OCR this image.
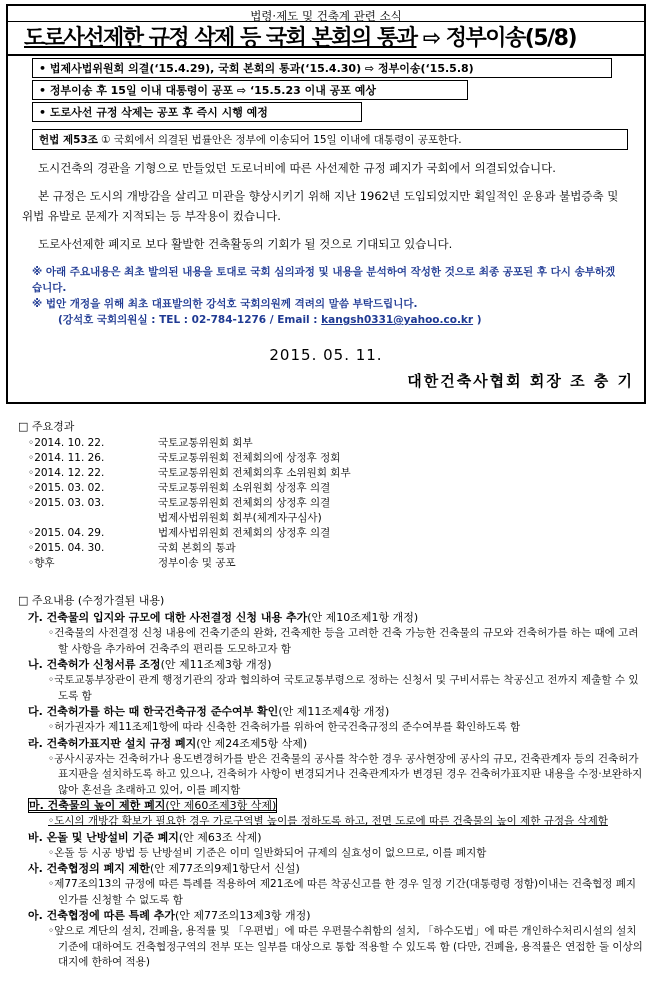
법령·제도 및 건축계 관련 소식
도로사선제한 규정 삭제 등 국회 본회의 통과 ⇨ 정부이송(5/8)
• 법제사법위원회 의결(‘15.4.29), 국회 본회의 통과(‘15.4.30) ⇨ 정부이송(‘15.5.8)
• 정부이송 후 15일 이내 대통령이 공포 ⇨ ‘15.5.23 이내 공포 예상
• 도로사선 규정 삭제는 공포 후 즉시 시행 예정
헌법 제53조 ① 국회에서 의결된 법률안은 정부에 이송되어 15일 이내에 대통령이 공포한다.

도시건축의 경관을 기형으로 만들었던 도로너비에 따른 사선제한 규정 폐지가 국회에서 의결되었습니다.

본 규정은 도시의 개방감을 살리고 미관을 향상시키기 위해 지난 1962년 도입되었지만 획일적인 운용과 불법증축 및 위법 유발로 문제가 지적되는 등 부작용이 컸습니다.

도로사선제한 폐지로 보다 활발한 건축활동의 기회가 될 것으로 기대되고 있습니다.

※ 아래 주요내용은 최초 발의된 내용을 토대로 국회 심의과정 및 내용을 분석하여 작성한 것으로 최종 공포된 후 다시 송부하겠습니다.

※ 법안 개정을 위해 최초 대표발의한 강석호 국회의원께 격려의 말씀 부탁드립니다.

(강석호 국회의원실 : TEL : 02-784-1276 / Email : kangsh0331@yahoo.co.kr )

2015. 05. 11.
대한건축사협회 회장 조 충 기
□ 주요경과
◦2014. 10. 22.	국토교통위원회 회부
◦2014. 11. 26.	국토교통위원회 전체회의에 상정후 정회
◦2014. 12. 22.	국토교통위원회 전체회의후 소위원회 회부
◦2015. 03. 02.	국토교통위원회 소위원회 상정후 의결
◦2015. 03. 03.	국토교통위원회 전체회의 상정후 의결
법제사법위원회 회부(체계자구심사)
◦2015. 04. 29.	법제사법위원회 전체회의 상정후 의결
◦2015. 04. 30.	국회 본회의 통과
◦향후	정부이송 및 공포
□ 주요내용 (수정가결된 내용)
가. 건축물의 입지와 규모에 대한 사전결정 신청 내용 추가(안 제10조제1항 개정)
◦건축물의 사전결정 신청 내용에 건축기준의 완화, 건축제한 등을 고려한 건축 가능한 건축물의 규모와 건축허가를 하는 때에 고려할 사항을 추가하여 건축주의 편리를 도모하고자 함
나. 건축허가 신청서류 조정(안 제11조제3항 개정)
◦국토교통부장관이 관계 행정기관의 장과 협의하여 국토교통부령으로 정하는 신청서 및 구비서류는 착공신고 전까지 제출할 수 있도록 함
다. 건축허가를 하는 때 한국건축규정 준수여부 확인(안 제11조제4항 개정)
◦허가권자가 제11조제1항에 따라 신축한 건축허가를 위하여 한국건축규정의 준수여부를 확인하도록 함
라. 건축허가표지판 설치 규정 폐지(안 제24조제5항 삭제)
◦공사시공자는 건축허가나 용도변경허가를 받은 건축물의 공사를 착수한 경우 공사현장에 공사의 규모, 건축관계자 등의 건축허가표지판을 설치하도록 하고 있으나, 건축허가 사항이 변경되거나 건축관계자가 변경된 경우 건축허가표지판 내용을 수정·보완하지 않아 혼선을 초래하고 있어, 이를 폐지함
마. 건축물의 높이 제한 폐지(안 제60조제3항 삭제)
◦도시의 개방감 확보가 필요한 경우 가로구역별 높이를 정하도록 하고, 전면 도로에 따른 건축물의 높이 제한 규정을 삭제함
바. 온돌 및 난방설비 기준 폐지(안 제63조 삭제)
◦온돌 등 시공 방법 등 난방설비 기준은 이미 일반화되어 규제의 실효성이 없으므로, 이를 폐지함
사. 건축협정의 폐지 제한(안 제77조의9제1항단서 신설)
◦제77조의13의 규정에 따른 특례를 적용하여 제21조에 따른 착공신고를 한 경우 일정 기간(대통령령 정함)이내는 건축협정 폐지 인가를 신청할 수 없도록 함
아. 건축협정에 따른 특례 추가(안 제77조의13제3항 개정)
◦앞으로 계단의 설치, 건폐율, 용적률 및 「우편법」에 따른 우편물수취함의 설치, 「하수도법」에 따른 개인하수처리시설의 설치 기준에 대하여도 건축협정구역의 전부 또는 일부를 대상으로 통합 적용할 수 있도록 함 (다만, 건폐율, 용적률은 연접한 둘 이상의 대지에 한하여 적용)
